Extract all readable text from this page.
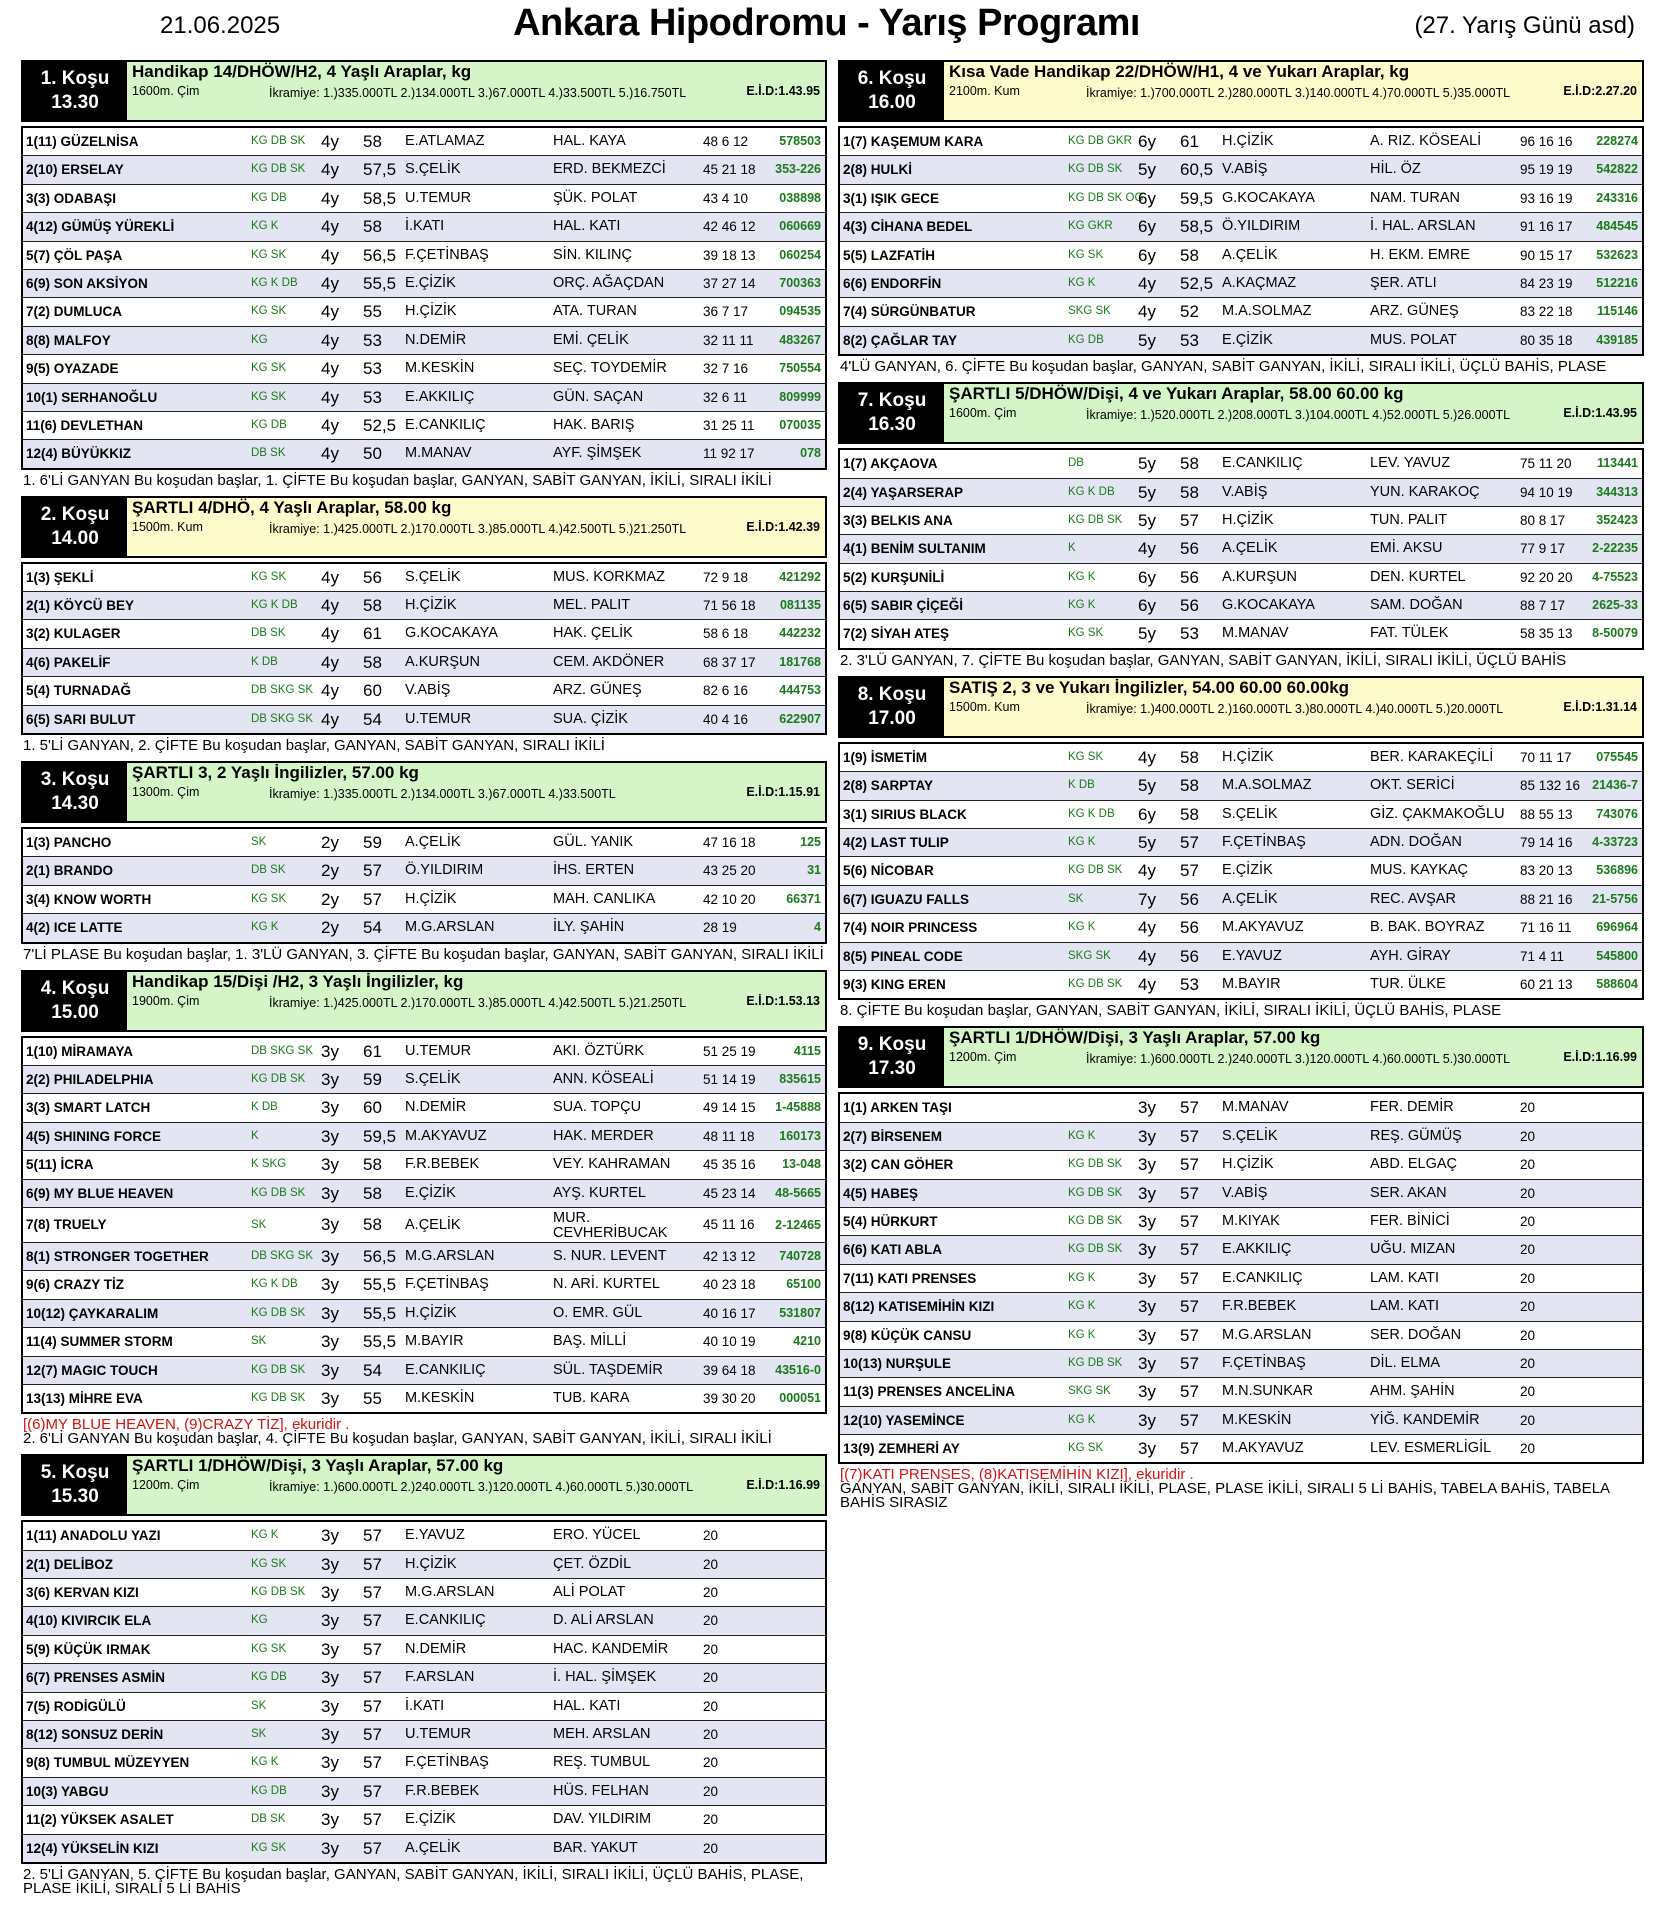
21.06.2025	Ankara Hipodromu - Yarış Programı	(27. Yarış Günü asd)
1. Koşu
13.30
Handikap 14/DHÖW/H2, 4 Yaşlı Araplar, kg
1600m. Çim	İkramiye: 1.)335.000TL 2.)134.000TL 3.)67.000TL 4.)33.500TL 5.)16.750TL	E.İ.D:1.43.95
1(11) GÜZELNİSA	KG DB SK 4y 58 E.ATLAMAZ	HAL. KAYA	48 6 12 578503
2(10) ERSELAY	KG DB SK 4y 57,5 S.ÇELİK	ERD. BEKMEZCİ	45 21 18 353-226
3(3) ODABAŞI	KG DB 4y 58,5 U.TEMUR	ŞÜK. POLAT	43 4 10 038898
4(12) GÜMÜŞ YÜREKLİ	KG K	4y 58 İ.KATI	HAL. KATI	42 46 12 060669
5(7) ÇÖL PAŞA	KG SK 4y 56,5 F.ÇETİNBAŞ	SİN. KILINÇ	39 18 13 060254
6(9) SON AKSİYON	KG K DB 4y 55,5 E.ÇİZİK	ORÇ. AĞAÇDAN	37 27 14 700363
7(2) DUMLUCA	KG SK 4y 55 H.ÇİZİK	ATA. TURAN	36 7 17 094535
8(8) MALFOY	KG	4y 53 N.DEMİR	EMİ. ÇELİK	32 11 11 483267
9(5) OYAZADE	KG SK 4y 53 M.KESKİN	SEÇ. TOYDEMİR	32 7 16 750554
10(1) SERHANOĞLU	KG SK 4y 53 E.AKKILIÇ	GÜN. SAÇAN	32 6 11	809999
11(6) DEVLETHAN	KG DB 4y 52,5 E.CANKILIÇ	HAK. BARIŞ	31 25 11 070035
12(4) BÜYÜKKIZ	DB SK 4y 50 M.MANAV	AYF. ŞİMŞEK	11 92 17	078
1. 6'Lİ GANYAN Bu koşudan başlar, 1. ÇİFTE Bu koşudan başlar, GANYAN, SABİT GANYAN, İKİLİ, SIRALI İKİLİ
2. Koşu
14.00
ŞARTLI 4/DHÖ, 4 Yaşlı Araplar, 58.00 kg
1500m. Kum	İkramiye: 1.)425.000TL 2.)170.000TL 3.)85.000TL 4.)42.500TL 5.)21.250TL	E.İ.D:1.42.39
1(3) ŞEKLİ	KG SK 4y 56 S.ÇELİK	MUS. KORKMAZ	72 9 18 421292
2(1) KÖYCÜ BEY	KG K DB 4y 58 H.ÇİZİK	MEL. PALIT	71 56 18 081135
3(2) KULAGER	DB SK 4y 61 G.KOCAKAYA	HAK. ÇELİK	58 6 18 442232
4(6) PAKELİF	K DB	4y 58 A.KURŞUN	CEM. AKDÖNER	68 37 17 181768
5(4) TURNADAĞ	DB SKG SK 4y 60 V.ABİŞ	ARZ. GÜNEŞ	82 6 16 444753
6(5) SARI BULUT	DB SKG SK 4y 54 U.TEMUR	SUA. ÇİZİK	40 4 16 622907
1. 5'Lİ GANYAN, 2. ÇİFTE Bu koşudan başlar, GANYAN, SABİT GANYAN, SIRALI İKİLİ
3. Koşu
14.30
ŞARTLI 3, 2 Yaşlı İngilizler, 57.00 kg
1300m. Çim	İkramiye: 1.)335.000TL 2.)134.000TL 3.)67.000TL 4.)33.500TL	E.İ.D:1.15.91
1(3) PANCHO	SK	2y 59 A.ÇELİK	GÜL. YANIK	47 16 18	125
2(1) BRANDO	DB SK 2y 57 Ö.YILDIRIM	İHS. ERTEN	43 25 20	31
3(4) KNOW WORTH	KG SK 2y 57 H.ÇİZİK	MAH. CANLIKA	42 10 20 66371
4(2) ICE LATTE	KG K	2y 54 M.G.ARSLAN	İLY. ŞAHİN	28 19	4
7'Lİ PLASE Bu koşudan başlar, 1. 3'LÜ GANYAN, 3. ÇİFTE Bu koşudan başlar, GANYAN, SABİT GANYAN, SIRALI İKİLİ
4. Koşu
15.00
Handikap 15/Dişi /H2, 3 Yaşlı İngilizler, kg
1900m. Çim	İkramiye: 1.)425.000TL 2.)170.000TL 3.)85.000TL 4.)42.500TL 5.)21.250TL	E.İ.D:1.53.13
1(10) MİRAMAYA	DB SKG SK 3y 61 U.TEMUR	AKI. ÖZTÜRK	51 25 19	4115
2(2) PHILADELPHIA	KG DB SK 3y 59 S.ÇELİK	ANN. KÖSEALİ	51 14 19 835615
3(3) SMART LATCH	K DB	3y 60 N.DEMİR	SUA. TOPÇU	49 14 15 1-45888
4(5) SHINING FORCE	K	3y 59,5 M.AKYAVUZ	HAK. MERDER	48 11 18 160173
5(11) İCRA	K SKG 3y 58 F.R.BEBEK	VEY. KAHRAMAN 45 35 16 13-048
6(9) MY BLUE HEAVEN	KG DB SK 3y 58 E.ÇİZİK	AYŞ. KURTEL	45 23 14 48-5665
7(8) TRUELY	SK	3y 58 A.ÇELİK	MUR. CEVHERİBUCAK
45 11 16 2-12465
8(1) STRONGER TOGETHER	DB SKG SK 3y 56,5 M.G.ARSLAN	S. NUR. LEVENT	42 13 12 740728
9(6) CRAZY TİZ	KG K DB 3y 55,5 F.ÇETİNBAŞ	N. ARİ. KURTEL	40 23 18 65100
10(12) ÇAYKARALIM	KG DB SK 3y 55,5 H.ÇİZİK	O. EMR. GÜL	40 16 17 531807
11(4) SUMMER STORM	SK	3y 55,5 M.BAYIR	BAŞ. MİLLİ	40 10 19	4210
12(7) MAGIC TOUCH	KG DB SK 3y 54 E.CANKILIÇ	SÜL. TAŞDEMİR	39 64 18 43516-0
13(13) MİHRE EVA	KG DB SK 3y 55 M.KESKİN	TUB. KARA	39 30 20 000051
[(6)MY BLUE HEAVEN, (9)CRAZY TİZ], ekuridir .
2. 6'Lİ GANYAN Bu koşudan başlar, 4. ÇİFTE Bu koşudan başlar, GANYAN, SABİT GANYAN, İKİLİ, SIRALI İKİLİ
5. Koşu
15.30
ŞARTLI 1/DHÖW/Dişi, 3 Yaşlı Araplar, 57.00 kg
1200m. Çim	İkramiye: 1.)600.000TL 2.)240.000TL 3.)120.000TL 4.)60.000TL 5.)30.000TL	E.İ.D:1.16.99
1(11) ANADOLU YAZI	KG K	3y 57 E.YAVUZ	ERO. YÜCEL	20
2(1) DELİBOZ	KG SK 3y 57 H.ÇİZİK	ÇET. ÖZDİL	20
3(6) KERVAN KIZI	KG DB SK 3y 57 M.G.ARSLAN	ALİ POLAT	20
4(10) KIVIRCIK ELA	KG	3y 57 E.CANKILIÇ	D. ALİ ARSLAN	20
5(9) KÜÇÜK IRMAK	KG SK 3y 57 N.DEMİR	HAC. KANDEMİR	20
6(7) PRENSES ASMİN	KG DB 3y 57 F.ARSLAN	İ. HAL. ŞİMŞEK	20
7(5) RODİGÜLÜ	SK	3y 57 İ.KATI	HAL. KATI	20
8(12) SONSUZ DERİN	SK	3y 57 U.TEMUR	MEH. ARSLAN	20
9(8) TUMBUL MÜZEYYEN	KG K	3y 57 F.ÇETİNBAŞ	REŞ. TUMBUL	20
10(3) YABGU	KG DB 3y 57 F.R.BEBEK	HÜS. FELHAN	20
11(2) YÜKSEK ASALET	DB SK 3y 57 E.ÇİZİK	DAV. YILDIRIM	20
12(4) YÜKSELİN KIZI	KG SK 3y 57 A.ÇELİK	BAR. YAKUT	20
2. 5'Lİ GANYAN, 5. ÇİFTE Bu koşudan başlar, GANYAN, SABİT GANYAN, İKİLİ, SIRALI İKİLİ, ÜÇLÜ BAHİS, PLASE, PLASE İKİLİ, SIRALI 5 Lİ BAHİS
6. Koşu
16.00
Kısa Vade Handikap 22/DHÖW/H1, 4 ve Yukarı Araplar, kg
2100m. Kum	İkramiye: 1.)700.000TL 2.)280.000TL 3.)140.000TL 4.)70.000TL 5.)35.000TL	E.İ.D:2.27.20
1(7) KAŞEMUM KARA	KG DB GKR 6y 61 H.ÇİZİK	A. RIZ. KÖSEALİ	96 16 16 228274
2(8) HULKİ	KG DB SK 5y 60,5 V.ABİŞ	HİL. ÖZ	95 19 19 542822
3(1) IŞIK GECE	KG DB SK OG
6y 59,5 G.KOCAKAYA	NAM. TURAN	93 16 19 243316
4(3) CİHANA BEDEL	KG GKR 6y 58,5 Ö.YILDIRIM	İ. HAL. ARSLAN	91 16 17 484545
5(5) LAZFATİH	KG SK 6y 58 A.ÇELİK	H. EKM. EMRE	90 15 17 532623
6(6) ENDORFİN	KG K	4y 52,5 A.KAÇMAZ	ŞER. ATLI	84 23 19 512216
7(4) SÜRGÜNBATUR	SKG SK 4y 52 M.A.SOLMAZ	ARZ. GÜNEŞ	83 22 18 115146
8(2) ÇAĞLAR TAY	KG DB 5y 53 E.ÇİZİK	MUS. POLAT	80 35 18 439185
4'LÜ GANYAN, 6. ÇİFTE Bu koşudan başlar, GANYAN, SABİT GANYAN, İKİLİ, SIRALI İKİLİ, ÜÇLÜ BAHİS, PLASE
7. Koşu
16.30
ŞARTLI 5/DHÖW/Dişi, 4 ve Yukarı Araplar, 58.00 60.00 kg
1600m. Çim	İkramiye: 1.)520.000TL 2.)208.000TL 3.)104.000TL 4.)52.000TL 5.)26.000TL	E.İ.D:1.43.95
1(7) AKÇAOVA	DB	5y 58 E.CANKILIÇ	LEV. YAVUZ	75 11 20 113441
2(4) YAŞARSERAP	KG K DB 5y 58 V.ABİŞ	YUN. KARAKOÇ	94 10 19 344313
3(3) BELKIS ANA	KG DB SK 5y 57 H.ÇİZİK	TUN. PALIT	80 8 17 352423
4(1) BENİM SULTANIM	K	4y 56 A.ÇELİK	EMİ. AKSU	77 9 17 2-22235
5(2) KURŞUNİLİ	KG K	6y 56 A.KURŞUN	DEN. KURTEL	92 20 20 4-75523
6(5) SABIR ÇİÇEĞİ	KG K	6y 56 G.KOCAKAYA	SAM. DOĞAN	88 7 17 2625-33
7(2) SİYAH ATEŞ	KG SK 5y 53 M.MANAV	FAT. TÜLEK	58 35 13 8-50079
2. 3'LÜ GANYAN, 7. ÇİFTE Bu koşudan başlar, GANYAN, SABİT GANYAN, İKİLİ, SIRALI İKİLİ, ÜÇLÜ BAHİS
8. Koşu
17.00
SATIŞ 2, 3 ve Yukarı İngilizler, 54.00 60.00 60.00kg
1500m. Kum	İkramiye: 1.)400.000TL 2.)160.000TL 3.)80.000TL 4.)40.000TL 5.)20.000TL	E.İ.D:1.31.14
1(9) İSMETİM	KG SK 4y 58 H.ÇİZİK	BER. KARAKEÇİLİ 70 11 17 075545
2(8) SARPTAY	K DB	5y 58 M.A.SOLMAZ	OKT. SERİCİ	85 132 16 21436-7
3(1) SIRIUS BLACK	KG K DB 6y 58 S.ÇELİK	GİZ. ÇAKMAKOĞLU 88 55 13 743076
4(2) LAST TULIP	KG K	5y 57 F.ÇETİNBAŞ	ADN. DOĞAN	79 14 16 4-33723
5(6) NİCOBAR	KG DB SK 4y 57 E.ÇİZİK	MUS. KAYKAÇ	83 20 13 536896
6(7) IGUAZU FALLS	SK	7y 56 A.ÇELİK	REC. AVŞAR	88 21 16 21-5756
7(4) NOIR PRINCESS	KG K	4y 56 M.AKYAVUZ	B. BAK. BOYRAZ	71 16 11 696964
8(5) PINEAL CODE	SKG SK 4y 56 E.YAVUZ	AYH. GİRAY	71 4 11	545800
9(3) KING EREN	KG DB SK 4y 53 M.BAYIR	TUR. ÜLKE	60 21 13 588604
8. ÇİFTE Bu koşudan başlar, GANYAN, SABİT GANYAN, İKİLİ, SIRALI İKİLİ, ÜÇLÜ BAHİS, PLASE
9. Koşu
17.30
ŞARTLI 1/DHÖW/Dişi, 3 Yaşlı Araplar, 57.00 kg
1200m. Çim	İkramiye: 1.)600.000TL 2.)240.000TL 3.)120.000TL 4.)60.000TL 5.)30.000TL	E.İ.D:1.16.99
1(1) ARKEN TAŞI	3y 57 M.MANAV	FER. DEMİR	20
2(7) BİRSENEM	KG K	3y 57 S.ÇELİK	REŞ. GÜMÜŞ	20
3(2) CAN GÖHER	KG DB SK 3y 57 H.ÇİZİK	ABD. ELGAÇ	20
4(5) HABEŞ	KG DB SK 3y 57 V.ABİŞ	SER. AKAN	20
5(4) HÜRKURT	KG DB SK 3y 57 M.KIYAK	FER. BİNİCİ	20
6(6) KATI ABLA	KG DB SK 3y 57 E.AKKILIÇ	UĞU. MIZAN	20
7(11) KATI PRENSES	KG K	3y 57 E.CANKILIÇ	LAM. KATI	20
8(12) KATISEMİHİN KIZI	KG K	3y 57 F.R.BEBEK	LAM. KATI	20
9(8) KÜÇÜK CANSU	KG K	3y 57 M.G.ARSLAN	SER. DOĞAN	20
10(13) NURŞULE	KG DB SK 3y 57 F.ÇETİNBAŞ	DİL. ELMA	20
11(3) PRENSES ANCELİNA	SKG SK 3y 57 M.N.SUNKAR	AHM. ŞAHİN	20
12(10) YASEMİNCE	KG K	3y 57 M.KESKİN	YİĞ. KANDEMİR	20
13(9) ZEMHERİ AY	KG SK 3y 57 M.AKYAVUZ	LEV. ESMERLİGİL 20
[(7)KATI PRENSES, (8)KATISEMİHİN KIZI], ekuridir .
GANYAN, SABİT GANYAN, İKİLİ, SIRALI İKİLİ, PLASE, PLASE İKİLİ, SIRALI 5 Lİ BAHİS, TABELA BAHİS, TABELA BAHİS SIRASIZ
